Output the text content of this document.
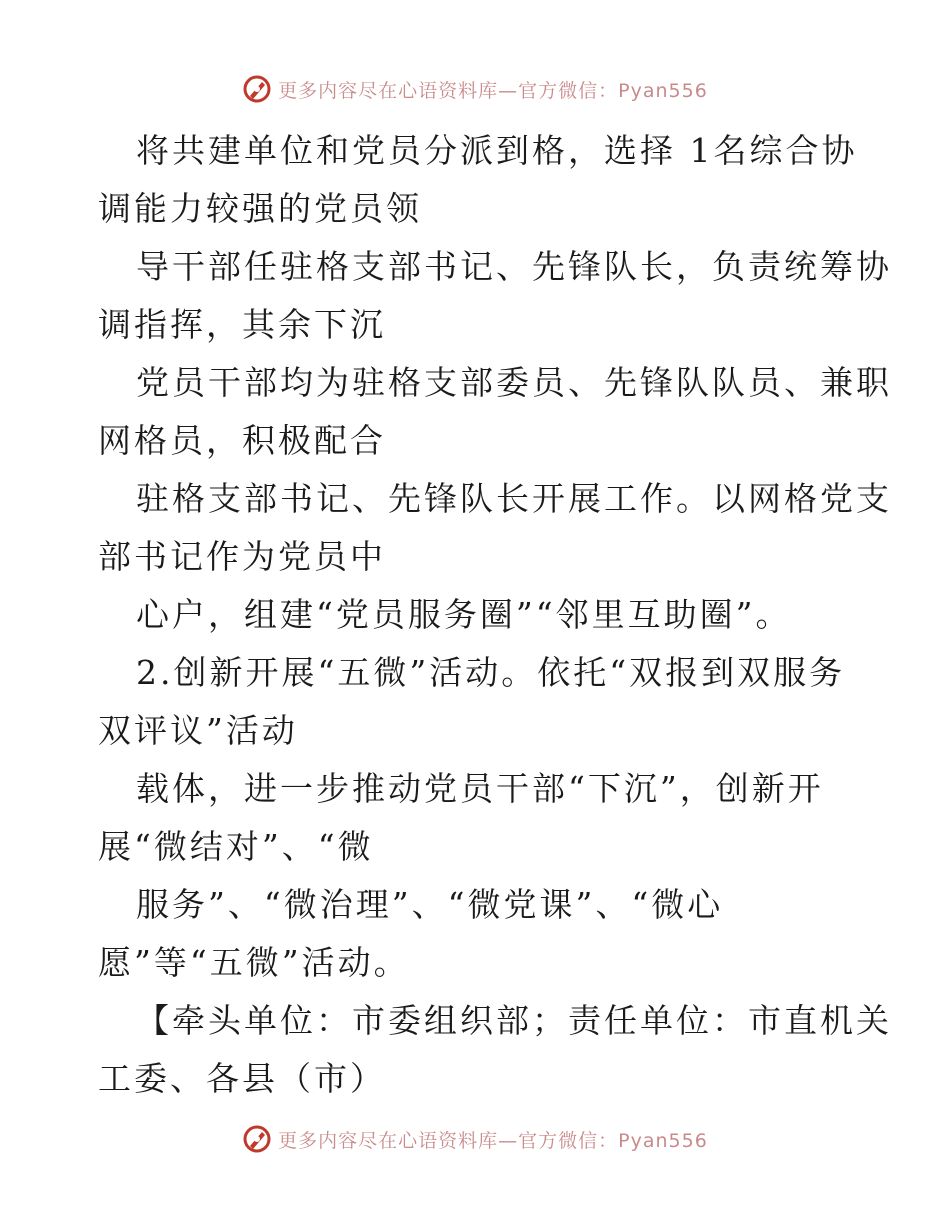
更多内容尽在心语资料库—官方微信：Pyan556
将共建单位和党员分派到格，选择 1名综合协
调能力较强的党员领
导干部任驻格支部书记、先锋队长，负责统筹协
调指挥，其余下沉
党员干部均为驻格支部委员、先锋队队员、兼职
网格员，积极配合
驻格支部书记、先锋队长开展工作。以网格党支
部书记作为党员中
心户，组建“党员服务圈”“邻里互助圈”。
2.创新开展“五微”活动。依托“双报到双服务
双评议”活动
载体，进一步推动党员干部“下沉”，创新开
展“微结对”、“微
服务”、“微治理”、“微党课”、“微心
愿”等“五微”活动。
【牵头单位：市委组织部；责任单位：市直机关
工委、各县（市）
更多内容尽在心语资料库—官方微信：Pyan556
